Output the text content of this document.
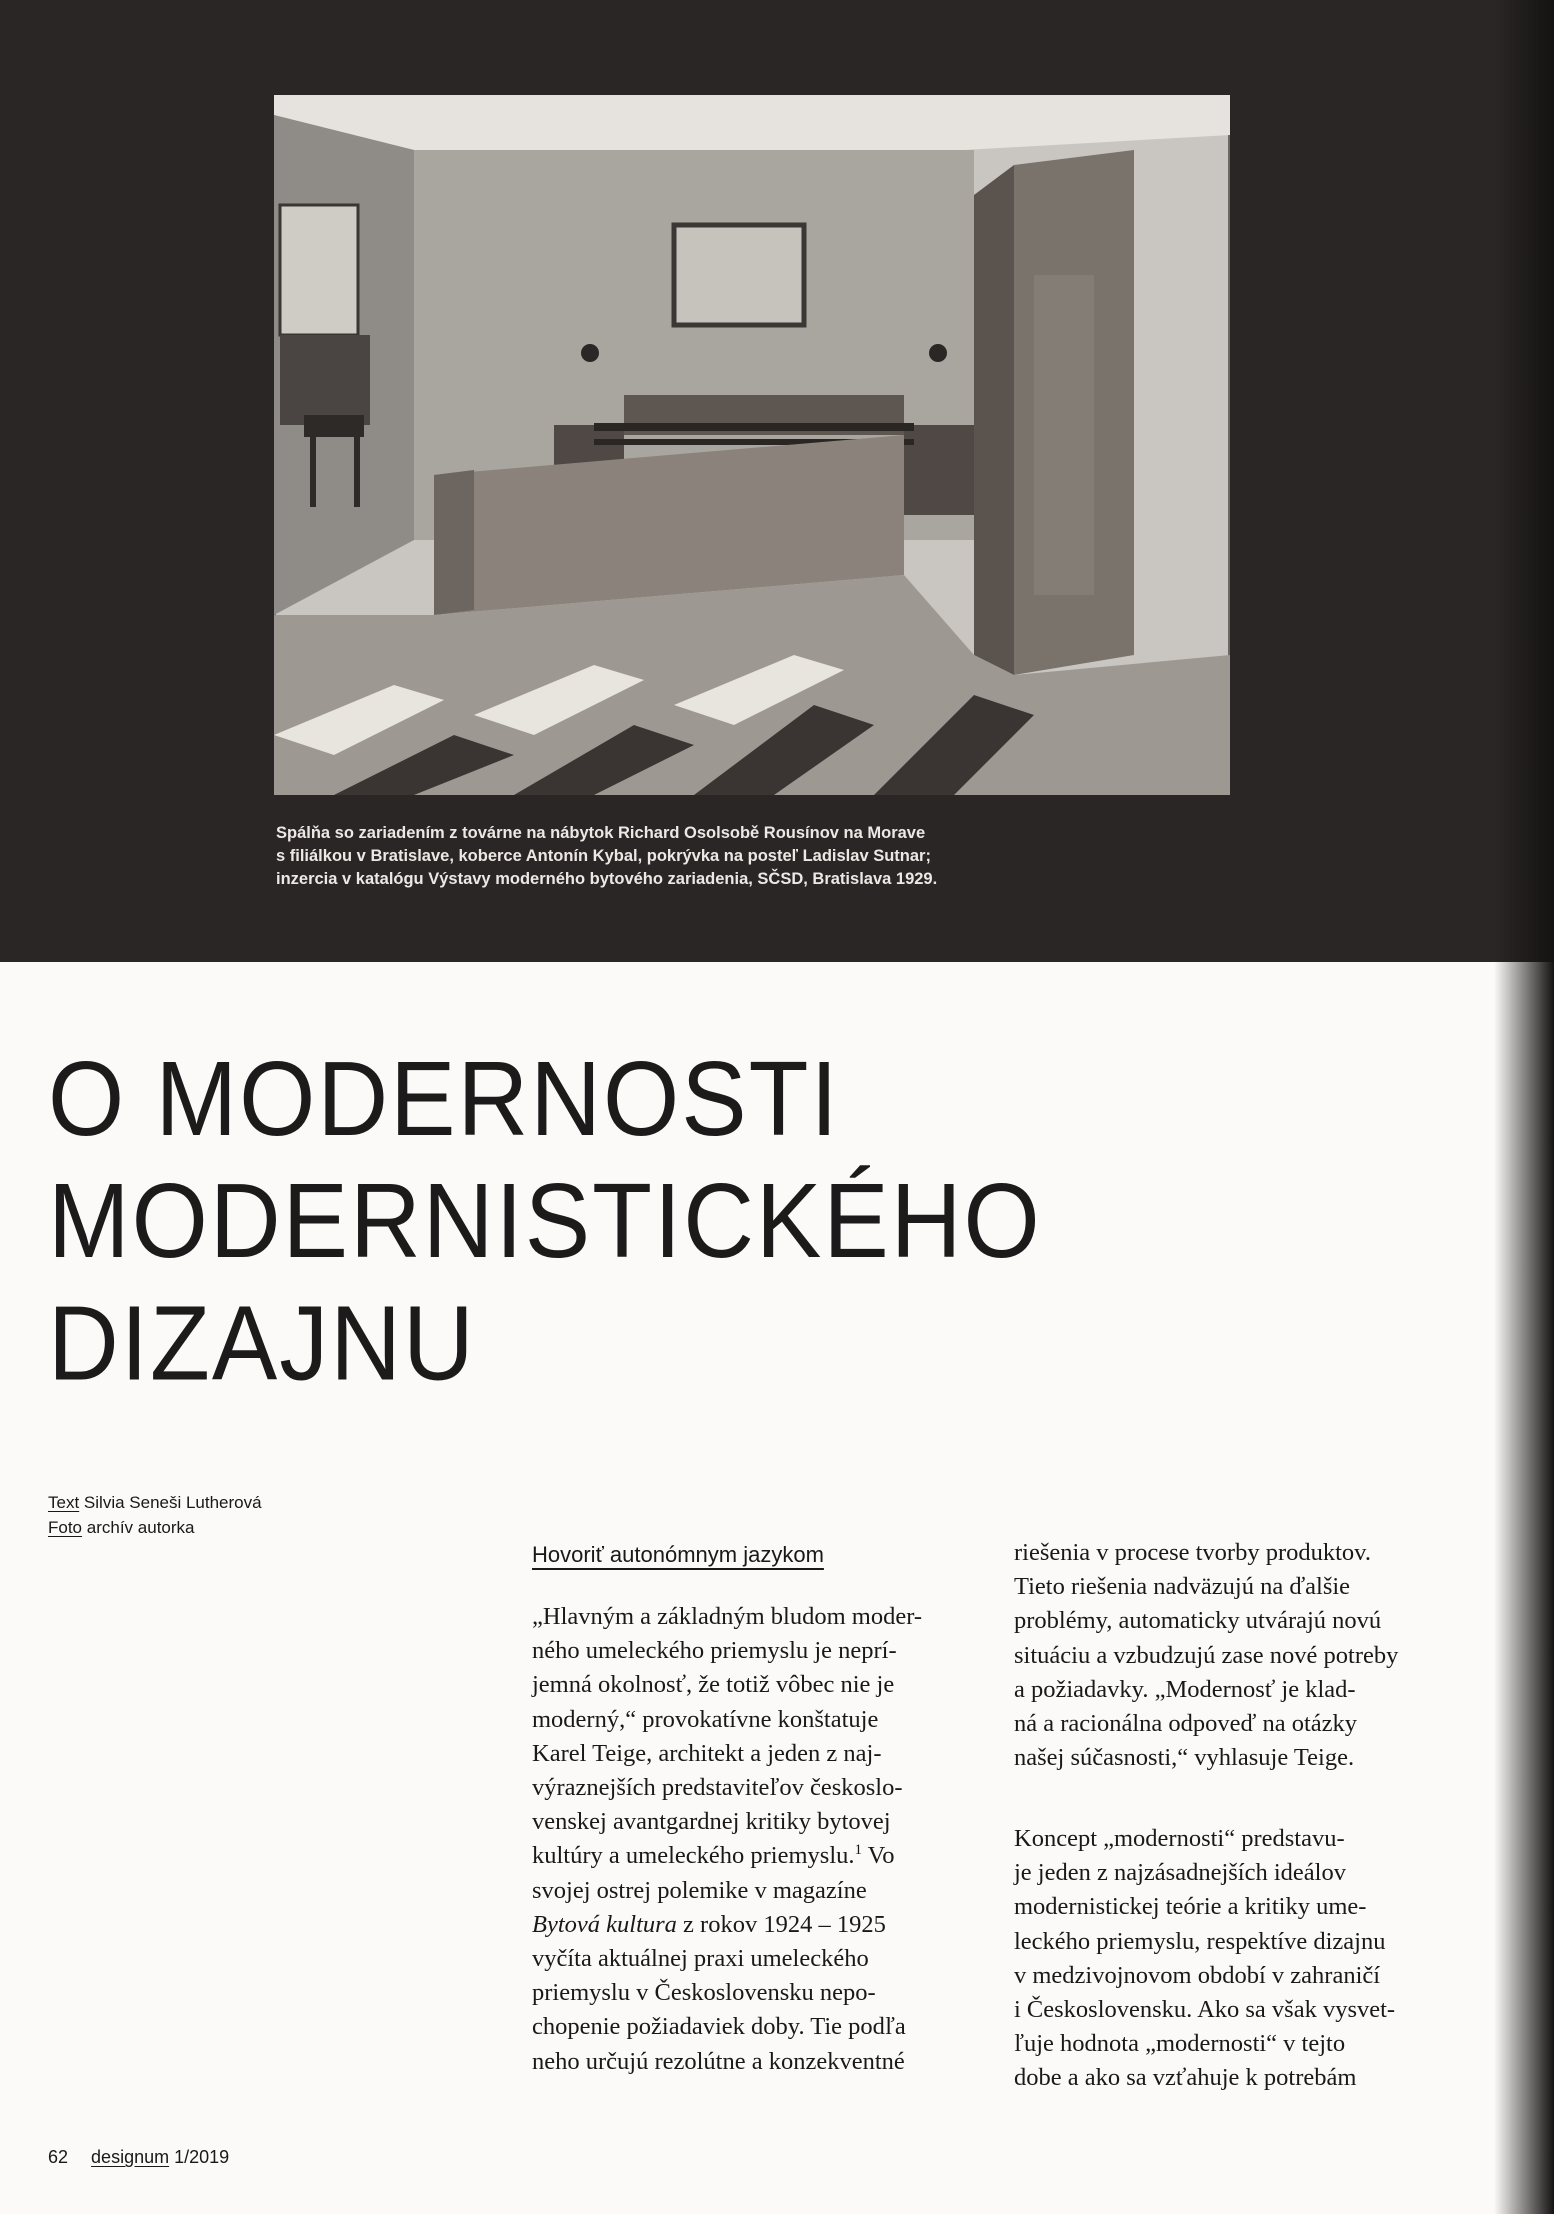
Spálňa so zariadením z továrne na nábytok Richard Osolsobě Rousínov na Morave
s filiálkou v Bratislave, koberce Antonín Kybal, pokrývka na posteľ Ladislav Sutnar;
inzercia v katalógu Výstavy moderného bytového zariadenia, SČSD, Bratislava 1929.

O MODERNOSTI
MODERNISTICKÉHO
DIZAJNU
Text Silvia Seneši Lutherová
Foto archív autorka
Hovoriť autonómnym jazykom
„Hlavným a základným bludom moder-
ného umeleckého priemyslu je neprí-
jemná okolnosť, že totiž vôbec nie je
moderný,“ provokatívne konštatuje
Karel Teige, architekt a jeden z naj-
výraznejších predstaviteľov českoslo-
venskej avantgardnej kritiky bytovej
kultúry a umeleckého priemyslu.$^1$ Vo
svojej ostrej polemike v magazíne
Bytová kultura z rokov 1924 – 1925
vyčíta aktuálnej praxi umeleckého
priemyslu v Československu nepo-
chopenie požiadaviek doby. Tie podľa
neho určujú rezolútne a konzekventné
riešenia v procese tvorby produktov.
Tieto riešenia nadväzujú na ďalšie
problémy, automaticky utvárajú novú
situáciu a vzbudzujú zase nové potreby
a požiadavky. „Modernosť je klad-
ná a racionálna odpoveď na otázky
našej súčasnosti,“ vyhlasuje Teige.
Koncept „modernosti“ predstavu-
je jeden z najzásadnejších ideálov
modernistickej teórie a kritiky ume-
leckého priemyslu, respektíve dizajnu
v medzivojnovom období v zahraničí
i Československu. Ako sa však vysvet-
ľuje hodnota „modernosti“ v tejto
dobe a ako sa vzťahuje k potrebám
62 designum 1/2019
